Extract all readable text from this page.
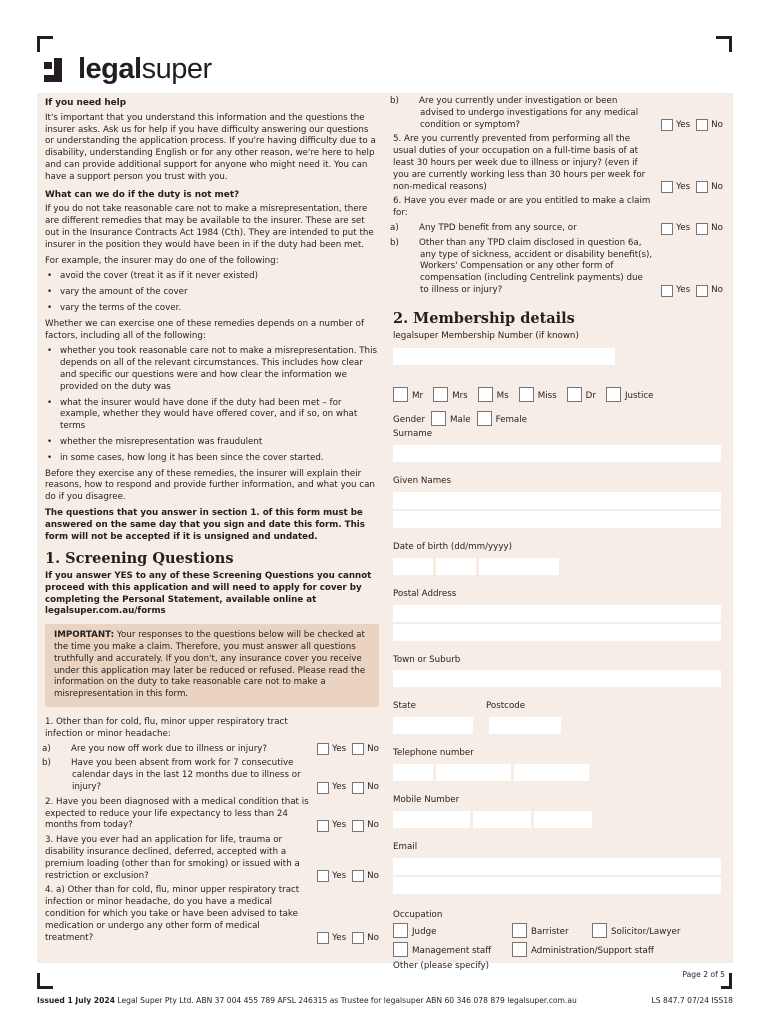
legalsuper
If you need help

It's important that you understand this information and the questions the insurer asks. Ask us for help if you have difficulty answering our questions or understanding the application process. If you're having difficulty due to a disability, understanding English or for any other reason, we're here to help and can provide additional support for anyone who might need it. You can have a support person you trust with you.

What can we do if the duty is not met?

If you do not take reasonable care not to make a misrepresentation, there are different remedies that may be available to the insurer. These are set out in the Insurance Contracts Act 1984 (Cth). They are intended to put the insurer in the position they would have been in if the duty had been met.

For example, the insurer may do one of the following:

• avoid the cover (treat it as if it never existed)
• vary the amount of the cover
• vary the terms of the cover.

Whether we can exercise one of these remedies depends on a number of factors, including all of the following:

• whether you took reasonable care not to make a misrepresentation. This depends on all of the relevant circumstances. This includes how clear and specific our questions were and how clear the information we provided on the duty was
• what the insurer would have done if the duty had been met – for example, whether they would have offered cover, and if so, on what terms
• whether the misrepresentation was fraudulent
• in some cases, how long it has been since the cover started.

Before they exercise any of these remedies, the insurer will explain their reasons, how to respond and provide further information, and what you can do if you disagree.

The questions that you answer in section 1. of this form must be answered on the same day that you sign and date this form. This form will not be accepted if it is unsigned and undated.

1. Screening Questions

If you answer YES to any of these Screening Questions you cannot proceed with this application and will need to apply for cover by completing the Personal Statement, available online at legalsuper.com.au/forms

IMPORTANT: Your responses to the questions below will be checked at the time you make a claim. Therefore, you must answer all questions truthfully and accurately. If you don't, any insurance cover you receive under this application may later be reduced or refused. Please read the information on the duty to take reasonable care not to make a misrepresentation in this form.
1. Other than for cold, flu, minor upper respiratory tract infection or minor headache:
a) Are you now off work due to illness or injury?	Yes No
b) Have you been absent from work for 7 consecutive calendar days in the last 12 months due to illness or injury?	Yes No
2. Have you been diagnosed with a medical condition that is expected to reduce your life expectancy to less than 24 months from today?	Yes No
3. Have you ever had an application for life, trauma or disability insurance declined, deferred, accepted with a premium loading (other than for smoking) or issued with a restriction or exclusion?	Yes No
4. a) Other than for cold, flu, minor upper respiratory tract infection or minor headache, do you have a medical condition for which you take or have been advised to take medication or undergo any other form of medical treatment?	Yes No
b) Are you currently under investigation or been advised to undergo investigations for any medical condition or symptom?	Yes No
5. Are you currently prevented from performing all the usual duties of your occupation on a full-time basis of at least 30 hours per week due to illness or injury? (even if you are currently working less than 30 hours per week for non-medical reasons)	Yes No
6. Have you ever made or are you entitled to make a claim for:
a) Any TPD benefit from any source, or	Yes No
b) Other than any TPD claim disclosed in question 6a, any type of sickness, accident or disability benefit(s), Workers' Compensation or any other form of compensation (including Centrelink payments) due to illness or injury?	Yes No
2. Membership details
legalsuper Membership Number (if known)
Mr	Mrs	Ms	Miss	Dr	Justice
Gender	Male	Female
Surname
Given Names
Date of birth (dd/mm/yyyy)
Postal Address
Town or Suburb
State	Postcode
Telephone number
Mobile Number
Email
Occupation
Judge	Barrister	Solicitor/Lawyer
Management staff	Administration/Support staff
Other (please specify)
Page 2 of 5
Issued 1 July 2024 Legal Super Pty Ltd. ABN 37 004 455 789 AFSL 246315 as Trustee for legalsuper ABN 60 346 078 879 legalsuper.com.au	LS 847.7 07/24 ISS18
